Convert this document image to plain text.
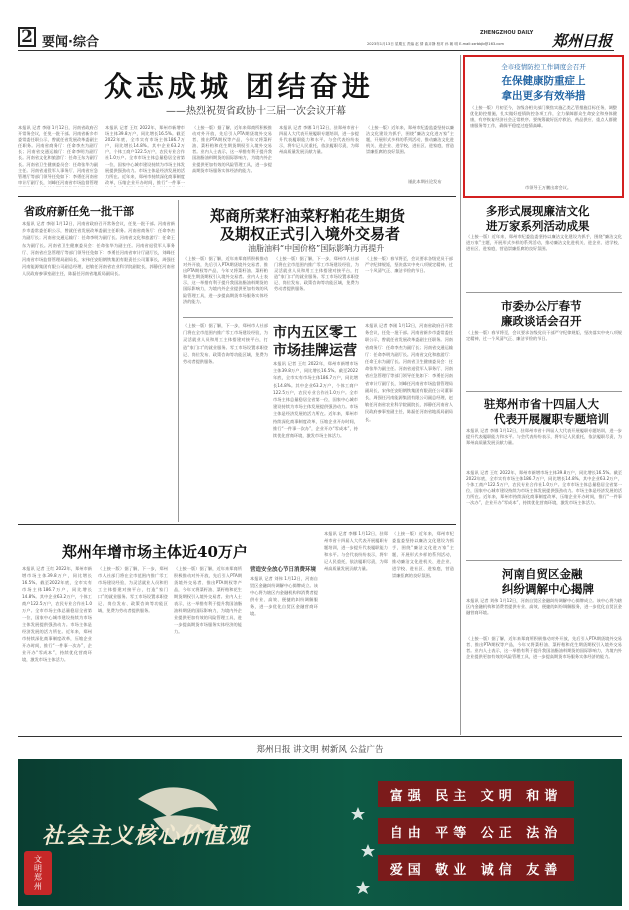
2 要闻·综合
ZHENGZHOU DAILY
2023年1月13日 星期五 责编 赵 倩 曲卉静 校对 孙 朝 明 E-mail:zzrbbjb@163.com	郑州日报
众志成城 团结奋进
——热烈祝贺省政协十三届一次会议开幕
本报讯 记者 李刚 1月12日，河南省政府召开常务会议，任免一批干部。河南省新乡市委常委任职公示，曾就任省发展改革委副主任职务。河南省商务厅：任命李杰为副厅长；河南省交通运输厅：任命李明为副厅长。河南省文化和旅游厅：任命王东为副厅长。河南省卫生健康委员会：任命张华为副主任。河南省退役军人事务厅、河南省应急管理厅等部门领导任免如下：李勇任河南省审计厅副厅长，刘峰任河南省市场监督管理
本报讯 记者 王红 2022年，郑州市新增市场主体39.8万户，同比增长16.5%。截至2022年底，全市实有市场主体186.7万户，同比增长14.8%。其中企业63.2万户，个体工商户122.5万户，农民专业合作社1.0万户。全市市场主体总量稳居全省第一位，国家中心城市建设持续为市场主体发展提供强劲动力。市场主体是经济发展的活力所在。近年来，郑州市持续深化商事制度改革，压缩企业开办时间，推行“一件事一
（上接一版）据了解，近年来郑商所积极推动对外开放，先后引入PTA期货境外交易者、推出PTA期权等产品，今年又将菜籽油、菜籽粕和花生期货期权引入境外交易者。业内人士表示，这一举措有利于提升我国油脂油料期货的国际影响力，为境内外企业提供更加有效的风险管理工具，进一步提高期货市场服务实体经济的能力。
本报讯 记者 李娜 1月12日，驻郑州市省十四届人大代表开展履职专题培训，进一步提升代表履职能力和水平。与会代表纷纷表示，将牢记人民重托，依法履职尽责，为郑州高质量发展贡献力量。
（上接一版）近年来，郑州市纪委监委坚持以廉洁文化建设为抓手，围绕“廉洁文化进万家”主题，开展形式多样的系列活动，推动廉洁文化进机关、进企业、进学校、进社区、进家庭，营造崇廉拒腐的良好氛围。
谨此本期社论发布
全市疫情防控工作调度会召开
在保健康防重症上
拿出更多有效举措
（上接一版）月初至今，各级各相关部门聚焦实施乙类乙管措施目标任务，调整优化防控措施，扎实做好疫情防控各项工作，全力保障群众生命安全和身体健康，有序恢复经济社会正常秩序。要统筹做好医疗救治、药品供应、重点人群健康服务等工作，确保平稳度过疫情高峰。
市领导王万鹏出席会议。
省政府新任免一批干部
本报讯 记者 李刚 1月12日，河南省政府召开常务会议，任免一批干部。河南省新乡市委常委任职公示，曾就任省发展改革委副主任职务。河南省商务厅：任命李杰为副厅长；河南省交通运输厅：任命李明为副厅长。河南省文化和旅游厅：任命王东为副厅长。河南省卫生健康委员会：任命张华为副主任。河南省退役军人事务厅、河南省应急管理厅等部门领导任免如下：李勇任河南省审计厅副厅长，刘峰任河南省市场监督管理局副局长，宋伟任安阳钢铁集团有限责任公司董事长，周强任河南能源集团有限公司副总经理，赵敏任河南省农业科学院副院长，郭静任河南省人民政府参事室副主任，陈磊任河南省地质局副局长。
郑商所菜籽油菜籽粕花生期货
及期权正式引入境外交易者
油脂油料“中国价格”国际影响力再提升
（上接一版）据了解，近年来郑商所积极推动对外开放，先后引入PTA期货境外交易者、推出PTA期权等产品，今年又将菜籽油、菜籽粕和花生期货期权引入境外交易者。业内人士表示，这一举措有利于提升我国油脂油料期货的国际影响力，为境内外企业提供更加有效的风险管理工具，进一步提高期货市场服务实体经济的能力。
（上接一版）据了解，下一步，郑州市人社部门将在全市范围内推广零工市场建设经验，为灵活就业人员和用工主体搭建对接平台，打造“家门口”的就业服务。零工市场设置求职登记、岗位发布、政策咨询等功能区域，免费为劳动者提供服务。
（上接一版）春节将至，会议要求各级党员干部严守纪律规矩，坚决落实中央八项规定精神，过一个风清气正、廉洁节俭的节日。
（上接一版）据了解，下一步，郑州市人社部门将在全市范围内推广零工市场建设经验，为灵活就业人员和用工主体搭建对接平台，打造“家门口”的就业服务。零工市场设置求职登记、岗位发布、政策咨询等功能区域，免费为劳动者提供服务。
市内五区零工
市场挂牌运营
本报讯 记者 王红 2022年，郑州市新增市场主体39.8万户，同比增长16.5%。截至2022年底，全市实有市场主体186.7万户，同比增长14.8%。其中企业63.2万户，个体工商户122.5万户，农民专业合作社1.0万户。全市市场主体总量稳居全省第一位，国家中心城市建设持续为市场主体发展提供强劲动力。市场主体是经济发展的活力所在。近年来，郑州市持续深化商事制度改革，压缩企业开办时间，推行“一件事一次办”，企业开办“零成本”，持续优化营商环境，激发市场主体活力。
本报讯 记者 李刚 1月12日，河南省政府召开常务会议，任免一批干部。河南省新乡市委常委任职公示，曾就任省发展改革委副主任职务。河南省商务厅：任命李杰为副厅长；河南省交通运输厅：任命李明为副厅长。河南省文化和旅游厅：任命王东为副厅长。河南省卫生健康委员会：任命张华为副主任。河南省退役军人事务厅、河南省应急管理厅等部门领导任免如下：李勇任河南省审计厅副厅长，刘峰任河南省市场监督管理局副局长，宋伟任安阳钢铁集团有限责任公司董事长，周强任河南能源集团有限公司副总经理，赵敏任河南省农业科学院副院长，郭静任河南省人民政府参事室副主任，陈磊任河南省地质局副局长。
郑州年增市场主体近40万户
本报讯 记者 王红 2022年，郑州市新增市场主体39.8万户，同比增长16.5%。截至2022年底，全市实有市场主体186.7万户，同比增长14.8%。其中企业63.2万户，个体工商户122.5万户，农民专业合作社1.0万户。全市市场主体总量稳居全省第一位，国家中心城市建设持续为市场主体发展提供强劲动力。市场主体是经济发展的活力所在。近年来，郑州市持续深化商事制度改革，压缩企业开办时间，推行“一件事一次办”，企业开办“零成本”，持续优化营商环境，激发市场主体活力。
（上接一版）据了解，下一步，郑州市人社部门将在全市范围内推广零工市场建设经验，为灵活就业人员和用工主体搭建对接平台，打造“家门口”的就业服务。零工市场设置求职登记、岗位发布、政策咨询等功能区域，免费为劳动者提供服务。
（上接一版）据了解，近年来郑商所积极推动对外开放，先后引入PTA期货境外交易者、推出PTA期权等产品，今年又将菜籽油、菜籽粕和花生期货期权引入境外交易者。业内人士表示，这一举措有利于提升我国油脂油料期货的国际影响力，为境内外企业提供更加有效的风险管理工具，进一步提高期货市场服务实体经济的能力。
营造安全放心节日消费环境
本报讯 记者 刘伟 1月12日，河南自贸区金融纠纷调解中心揭牌成立。该中心将为辖区内金融机构和消费者提供专业、高效、便捷的纠纷调解服务，进一步优化自贸区金融营商环境。
本报讯 记者 李娜 1月12日，驻郑州市省十四届人大代表开展履职专题培训，进一步提升代表履职能力和水平。与会代表纷纷表示，将牢记人民重托，依法履职尽责，为郑州高质量发展贡献力量。
（上接一版）近年来，郑州市纪委监委坚持以廉洁文化建设为抓手，围绕“廉洁文化进万家”主题，开展形式多样的系列活动，推动廉洁文化进机关、进企业、进学校、进社区、进家庭，营造崇廉拒腐的良好氛围。
多形式展现廉洁文化
进万家系列活动成果
（上接一版）近年来，郑州市纪委监委坚持以廉洁文化建设为抓手，围绕“廉洁文化进万家”主题，开展形式多样的系列活动，推动廉洁文化进机关、进企业、进学校、进社区、进家庭，营造崇廉拒腐的良好氛围。
市委办公厅春节
廉政谈话会召开
（上接一版）春节将至，会议要求各级党员干部严守纪律规矩，坚决落实中央八项规定精神，过一个风清气正、廉洁节俭的节日。
驻郑州市省十四届人大
代表开展履职专题培训
本报讯 记者 李娜 1月12日，驻郑州市省十四届人大代表开展履职专题培训，进一步提升代表履职能力和水平。与会代表纷纷表示，将牢记人民重托，依法履职尽责，为郑州高质量发展贡献力量。
本报讯 记者 王红 2022年，郑州市新增市场主体39.8万户，同比增长16.5%。截至2022年底，全市实有市场主体186.7万户，同比增长14.8%。其中企业63.2万户，个体工商户122.5万户，农民专业合作社1.0万户。全市市场主体总量稳居全省第一位，国家中心城市建设持续为市场主体发展提供强劲动力。市场主体是经济发展的活力所在。近年来，郑州市持续深化商事制度改革，压缩企业开办时间，推行“一件事一次办”，企业开办“零成本”，持续优化营商环境，激发市场主体活力。
河南自贸区金融
纠纷调解中心揭牌
本报讯 记者 刘伟 1月12日，河南自贸区金融纠纷调解中心揭牌成立。该中心将为辖区内金融机构和消费者提供专业、高效、便捷的纠纷调解服务，进一步优化自贸区金融营商环境。
（上接一版）据了解，近年来郑商所积极推动对外开放，先后引入PTA期货境外交易者、推出PTA期权等产品，今年又将菜籽油、菜籽粕和花生期货期权引入境外交易者。业内人士表示，这一举措有利于提升我国油脂油料期货的国际影响力，为境内外企业提供更加有效的风险管理工具，进一步提高期货市场服务实体经济的能力。
郑州日报 讲文明 树新风 公益广告
社会主义核心价值观
富强 民主 文明 和谐
自由 平等 公正 法治
爱国 敬业 诚信 友善
文明郑州
